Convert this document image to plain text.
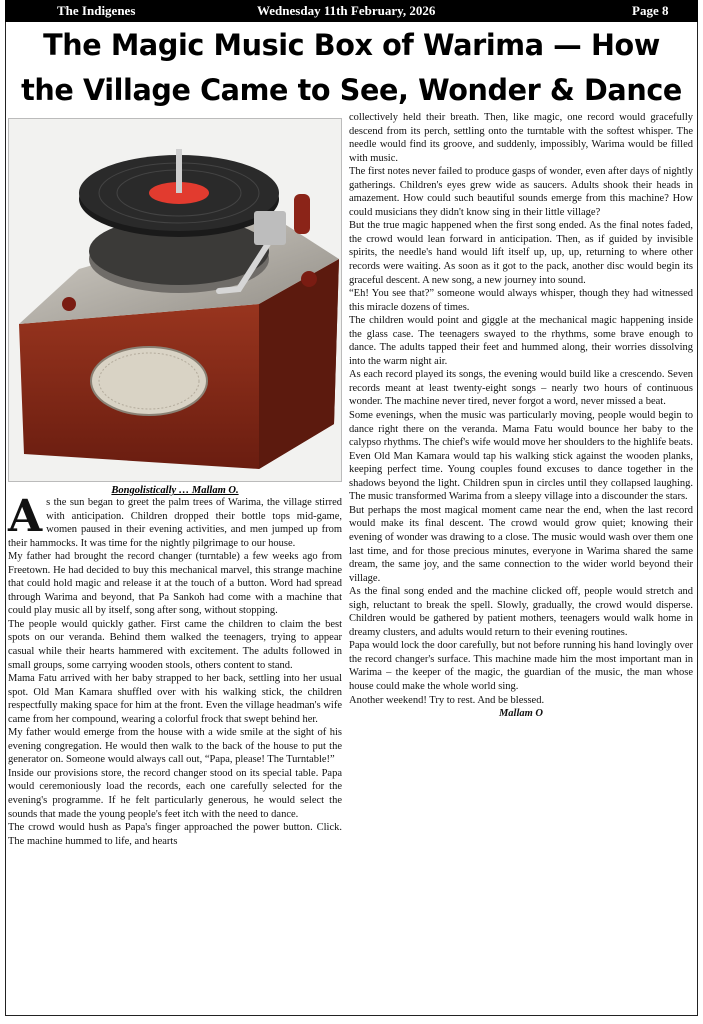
The Indigenes	Wednesday 11th February, 2026	Page 8
The Magic Music Box of Warima — How
the Village Came to See, Wonder & Dance
Bongolistically … Mallam O.

As the sun began to greet the palm trees of Warima, the village stirred with anticipation. Children dropped their bottle tops mid-game, women paused in their evening activities, and men jumped up from their hammocks. It was time for the nightly pilgrimage to our house.

My father had brought the record changer (turntable) a few weeks ago from Freetown. He had decided to buy this mechanical marvel, this strange machine that could hold magic and release it at the touch of a button. Word had spread through Warima and beyond, that Pa Sankoh had come with a machine that could play music all by itself, song after song, without stopping.

The people would quickly gather. First came the children to claim the best spots on our veranda. Behind them walked the teenagers, trying to appear casual while their hearts hammered with excitement. The adults followed in small groups, some carrying wooden stools, others content to stand.

Mama Fatu arrived with her baby strapped to her back, settling into her usual spot. Old Man Kamara shuffled over with his walking stick, the children respectfully making space for him at the front. Even the village headman's wife came from her compound, wearing a colorful frock that swept behind her.

My father would emerge from the house with a wide smile at the sight of his evening congregation. He would then walk to the back of the house to put the generator on. Someone would always call out, “Papa, please! The Turntable!”

Inside our provisions store, the record changer stood on its special table. Papa would ceremoniously load the records, each one carefully selected for the evening's programme. If he felt particularly generous, he would select the sounds that made the young people's feet itch with the need to dance.

The crowd would hush as Papa's finger approached the power button. Click. The machine hummed to life, and hearts

collectively held their breath. Then, like magic, one record would gracefully descend from its perch, settling onto the turntable with the softest whisper. The needle would find its groove, and suddenly, impossibly, Warima would be filled with music.

The first notes never failed to produce gasps of wonder, even after days of nightly gatherings. Children's eyes grew wide as saucers. Adults shook their heads in amazement. How could such beautiful sounds emerge from this machine? How could musicians they didn't know sing in their little village?

But the true magic happened when the first song ended. As the final notes faded, the crowd would lean forward in anticipation. Then, as if guided by invisible spirits, the needle's hand would lift itself up, up, up, returning to where other records were waiting. As soon as it got to the pack, another disc would begin its graceful descent. A new song, a new journey into sound.

“Eh! You see that?” someone would always whisper, though they had witnessed this miracle dozens of times.

The children would point and giggle at the mechanical magic happening inside the glass case. The teenagers swayed to the rhythms, some brave enough to dance. The adults tapped their feet and hummed along, their worries dissolving into the warm night air.

As each record played its songs, the evening would build like a crescendo. Seven records meant at least twenty-eight songs – nearly two hours of continuous wonder. The machine never tired, never forgot a word, never missed a beat.

Some evenings, when the music was particularly moving, people would begin to dance right there on the veranda. Mama Fatu would bounce her baby to the calypso rhythms. The chief's wife would move her shoulders to the highlife beats. Even Old Man Kamara would tap his walking stick against the wooden planks, keeping perfect time. Young couples found excuses to dance together in the shadows beyond the light. Children spun in circles until they collapsed laughing. The music transformed Warima from a sleepy village into a discounder the stars.

But perhaps the most magical moment came near the end, when the last record would make its final descent. The crowd would grow quiet; knowing their evening of wonder was drawing to a close. The music would wash over them one last time, and for those precious minutes, everyone in Warima shared the same dream, the same joy, and the same connection to the wider world beyond their village.

As the final song ended and the machine clicked off, people would stretch and sigh, reluctant to break the spell. Slowly, gradually, the crowd would disperse. Children would be gathered by patient mothers, teenagers would walk home in dreamy clusters, and adults would return to their evening routines.

Papa would lock the door carefully, but not before running his hand lovingly over the record changer's surface. This machine made him the most important man in Warima – the keeper of the magic, the guardian of the music, the man whose house could make the whole world sing.

Another weekend! Try to rest. And be blessed.

Mallam O
